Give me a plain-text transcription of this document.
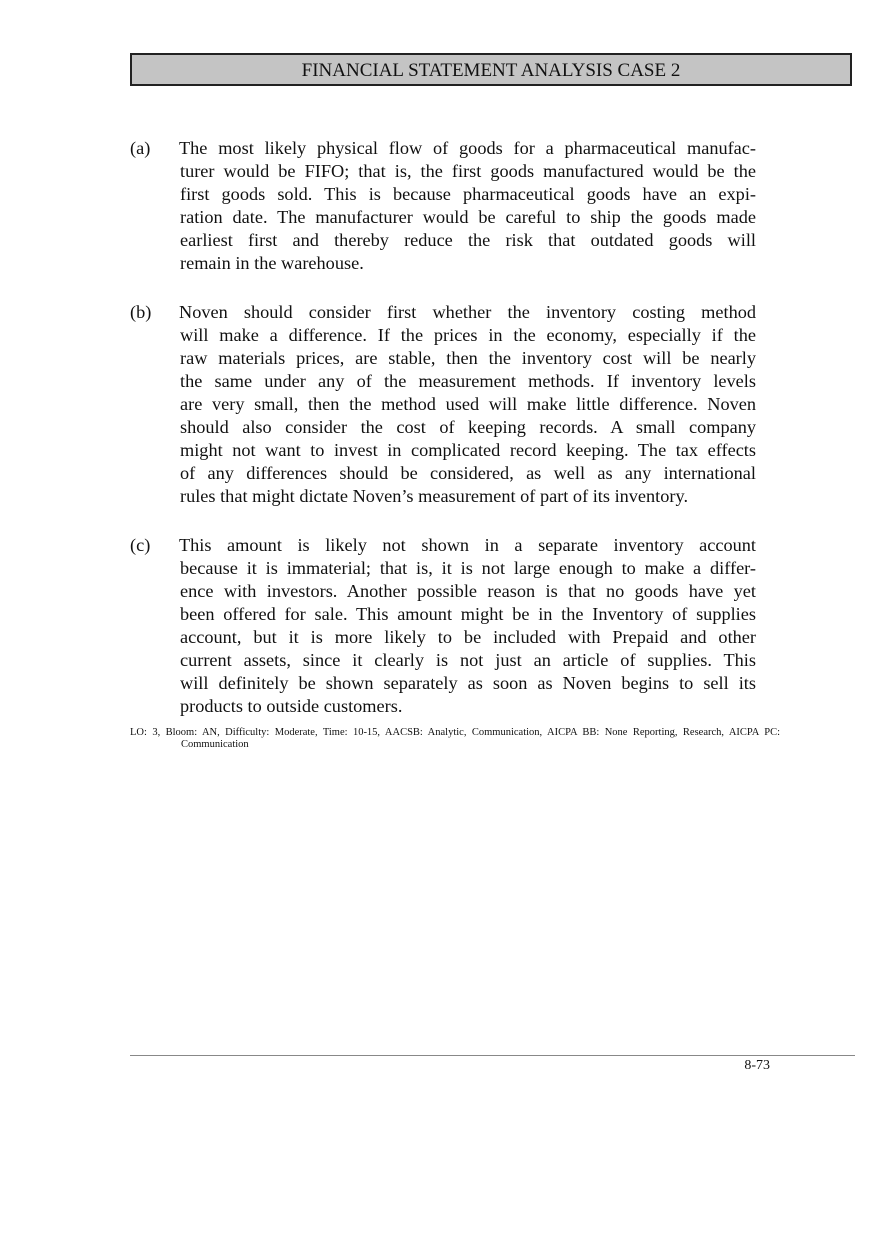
FINANCIAL STATEMENT ANALYSIS CASE 2
(a) The most likely physical flow of goods for a pharmaceutical manufac-
turer would be FIFO; that is, the first goods manufactured would be the
first goods sold. This is because pharmaceutical goods have an expi-
ration date. The manufacturer would be careful to ship the goods made
earliest first and thereby reduce the risk that outdated goods will
remain in the warehouse.
(b) Noven should consider first whether the inventory costing method
will make a difference. If the prices in the economy, especially if the
raw materials prices, are stable, then the inventory cost will be nearly
the same under any of the measurement methods. If inventory levels
are very small, then the method used will make little difference. Noven
should also consider the cost of keeping records. A small company
might not want to invest in complicated record keeping. The tax effects
of any differences should be considered, as well as any international
rules that might dictate Noven’s measurement of part of its inventory.
(c) This amount is likely not shown in a separate inventory account
because it is immaterial; that is, it is not large enough to make a differ-
ence with investors. Another possible reason is that no goods have yet
been offered for sale. This amount might be in the Inventory of supplies
account, but it is more likely to be included with Prepaid and other
current assets, since it clearly is not just an article of supplies. This
will definitely be shown separately as soon as Noven begins to sell its
products to outside customers.
LO: 3, Bloom: AN, Difficulty: Moderate, Time: 10-15, AACSB: Analytic, Communication, AICPA BB: None Reporting, Research, AICPA PC:
Communication
8-73
